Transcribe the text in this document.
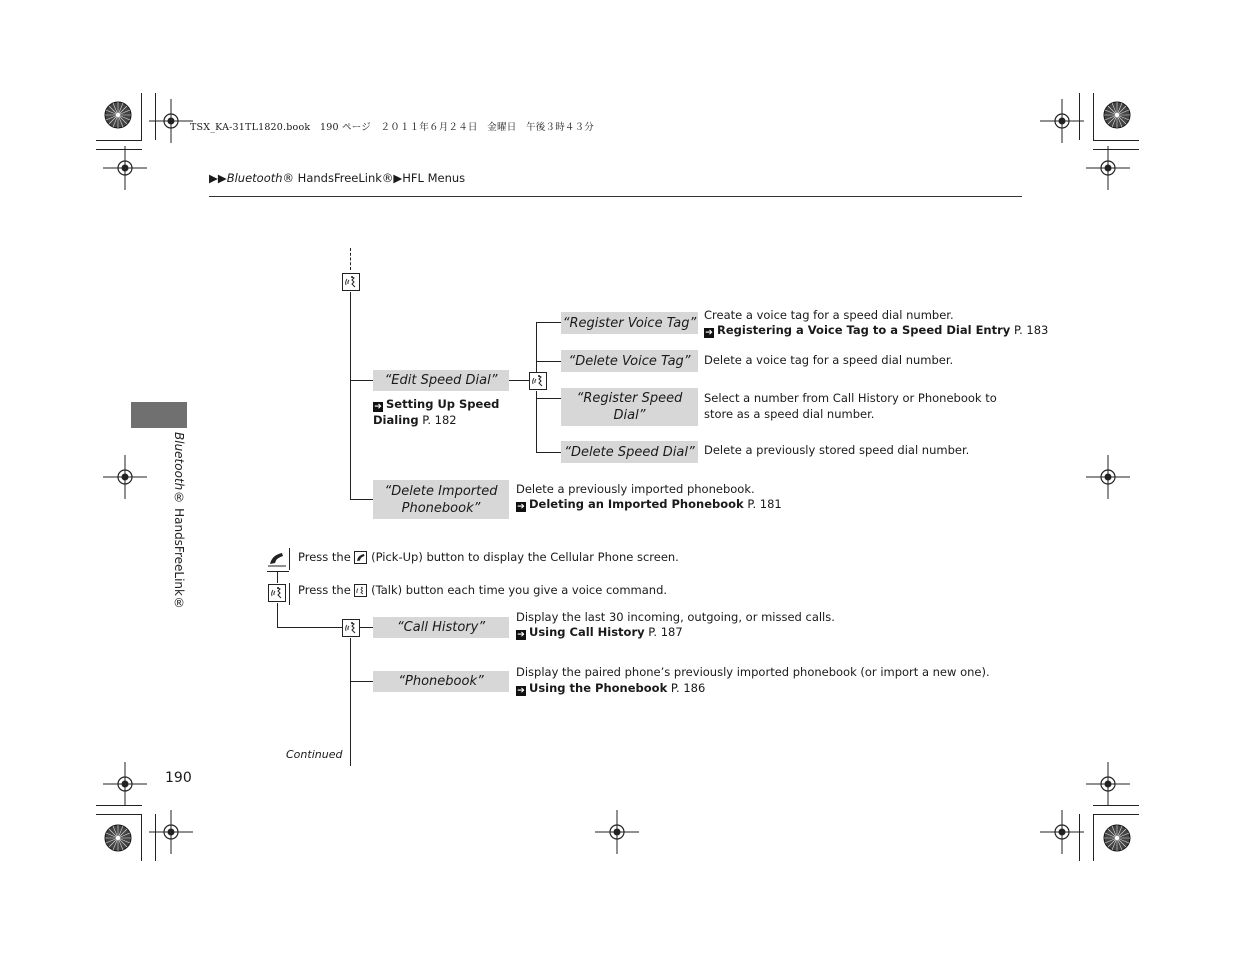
TSX_KA-31TL1820.book　190 ページ　２０１１年６月２４日　金曜日　午後３時４３分
▶▶Bluetooth® HandsFreeLink®▶HFL Menus
Bluetooth® HandsFreeLink®
“Edit Speed Dial”
➔ Setting Up Speed
Dialing P. 182
“Register Voice Tag”
Create a voice tag for a speed dial number.
➔ Registering a Voice Tag to a Speed Dial Entry P. 183
“Delete Voice Tag” Delete a voice tag for a speed dial number.
“Register Speed
Dial”
Select a number from Call History or Phonebook to
store as a speed dial number.
“Delete Speed Dial” Delete a previously stored speed dial number.
“Delete Imported
Phonebook”
Delete a previously imported phonebook.
➔ Deleting an Imported Phonebook P. 181
Press the (Pick-Up) button to display the Cellular Phone screen.
Press the (Talk) button each time you give a voice command.
“Call History”
Display the last 30 incoming, outgoing, or missed calls.
➔ Using Call History P. 187
“Phonebook”
Display the paired phone’s previously imported phonebook (or import a new one).
➔ Using the Phonebook P. 186
Continued
190
